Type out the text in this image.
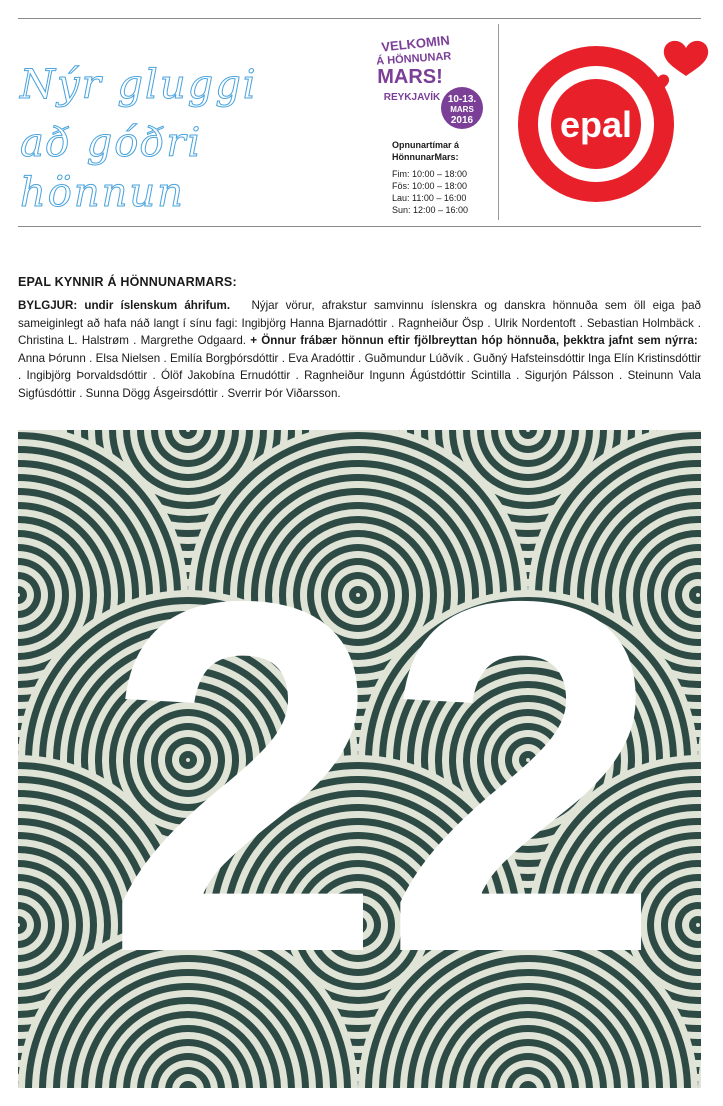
Nýr gluggi
að góðri
hönnun
VELKOMIN
Á HÖNNUNAR
MARS!
REYKJAVÍK 10-13.
MARS
2016
Opnunartímar á HönnunarMars:
Fim: 10:00 – 18:00
Fös: 10:00 – 18:00
Lau: 11:00 – 16:00
Sun: 12:00 – 16:00
epal
EPAL KYNNIR Á HÖNNUNARMARS:
BYLGJUR: undir íslenskum áhrifum. Nýjar vörur, afrakstur samvinnu íslenskra og danskra hönnuða sem öll eiga það sameiginlegt að hafa náð langt í sínu fagi: Ingibjörg Hanna Bjarnadóttir . Ragnheiður Ösp . Ulrik Nordentoft . Sebastian Holmbäck . Christina L. Halstrøm . Margrethe Odgaard. + Önnur frábær hönnun eftir fjölbreyttan hóp hönnuða, þekktra jafnt sem nýrra:  Anna Þórunn . Elsa Nielsen . Emilía Borgþórsdóttir . Eva Aradóttir . Guðmundur Lúðvík . Guðný Hafsteinsdóttir Inga Elín Kristinsdóttir . Ingibjörg Þorvaldsdóttir . Ólöf Jakobína Ernudóttir . Ragnheiður Ingunn Ágústdóttir Scintilla . Sigurjón Pálsson . Steinunn Vala Sigfúsdóttir . Sunna Dögg Ásgeirsdóttir . Sverrir Þór Viðarsson.
22
